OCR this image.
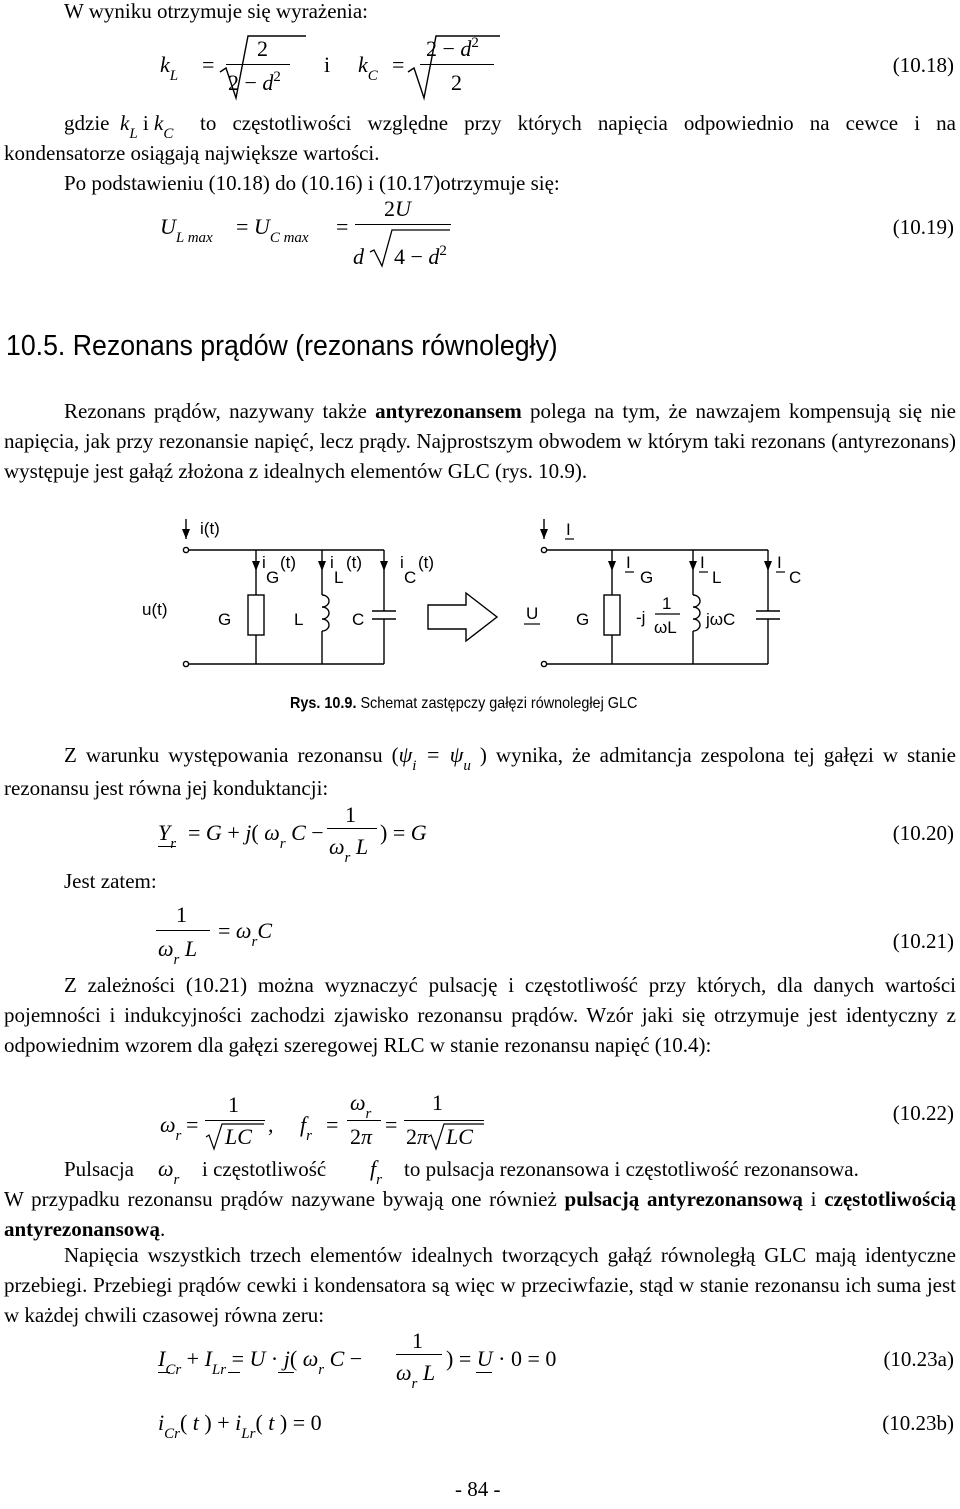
W wyniku otrzymuje się wyrażenia:
$k_L$ =
2
$2 - d^2$ i $k_C$ =
$2 - d^2$
2
(10.18)
gdzie $k_L$ i $k_C$	to częstotliwości względne przy których napięcia odpowiednio na cewce i na kondensatorze osiągają największe wartości.

Po podstawieniu (10.18) do (10.16) i (10.17)otrzymuje się:
$U_{L max} = U_{C max}$ =
2U
d $4 - d^2$
(10.19)
10.5. Rezonans prądów (rezonans równoległy)

Rezonans prądów, nazywany także antyrezonansem polega na tym, że nawzajem kompensują się nie napięcia, jak przy rezonansie napięć, lecz prądy. Najprostszym obwodem w którym taki rezonans (antyrezonans) występuje jest gałąź złożona z idealnych elementów GLC (rys. 10.9).

i(t)
u(t)
i
G
(t) i
L
(t) i
C
(t)
G	L	C
I
U
I
G
I
L
I
C
G	-j
1
ωL jωC
Rys. 10.9. Schemat zastępczy gałęzi równoległej GLC

Z warunku występowania rezonansu ($\psi_i = \psi_u$ ) wynika, że admitancja zespolona tej gałęzi w stanie rezonansu jest równa jej konduktancji:

$Y_r = G + j$( $\omega_r$ C −
1
$\omega_r$ L
) = G	(10.20)
Jest zatem:
1
$\omega_r$ L
= $\omega_rC$	(10.21)

Z zależności (10.21) można wyznaczyć pulsację i częstotliwość przy których, dla danych wartości pojemności i indukcyjności zachodzi zjawisko rezonansu prądów. Wzór jaki się otrzymuje jest identyczny z odpowiednim wzorem dla gałęzi szeregowej RLC w stanie rezonansu napięć (10.4):

$\omega_r$ =
1
LC , $f_r$ =
$\omega_r$
2π =
1
2π LC
(10.22)
Pulsacja $\omega_r$ i częstotliwość $f_r$ to pulsacja rezonansowa i częstotliwość rezonansowa.

W przypadku rezonansu prądów nazywane bywają one również pulsacją antyrezonansową i częstotliwością antyrezonansową.

Napięcia wszystkich trzech elementów idealnych tworzących gałąź równoległą GLC mają identyczne przebiegi. Przebiegi prądów cewki i kondensatora są więc w przeciwfazie, stąd w stanie rezonansu ich suma jest w każdej chwili czasowej równa zeru:

$I_{Cr} + I_{Lr} = U \cdot j$( $\omega_r$ C −
1
$\omega_r$ L
) = U · 0 = 0	(10.23a)
$i_{Cr}$( t ) + $i_{Lr}$( t ) = 0	(10.23b)
- 84 -
